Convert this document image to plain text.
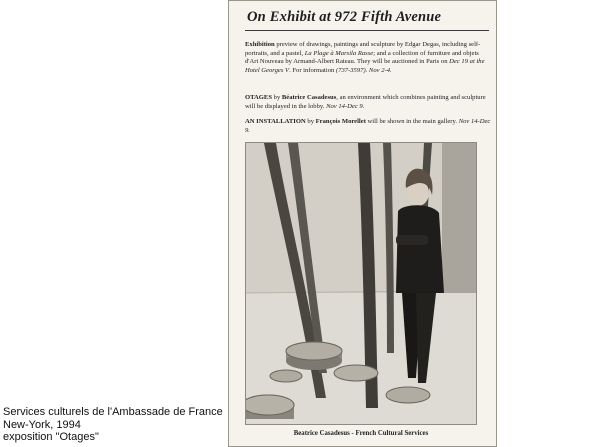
Services culturels de l'Ambassade de France
New-York, 1994
exposition "Otages"
On Exhibit at 972 Fifth Avenue
Exhibition preview of drawings, paintings and sculpture by Edgar Degas, including self-portraits, and a pastel, La Plage à Marsila Rasse; and a collection of furniture and objets d'Art Nouveau by Armand-Albert Rateau. They will be auctioned in Paris on Dec 19 at the Hotel Georges V. For information (737-3597). Nov 2-4.
OTAGES by Béatrice Casadesus, an environment which combines painting and sculpture will be displayed in the lobby. Nov 14-Dec 9.
AN INSTALLATION by François Morellet will be shown in the main gallery. Nov 14-Dec 9.
Beatrice Casadesus - French Cultural Services
